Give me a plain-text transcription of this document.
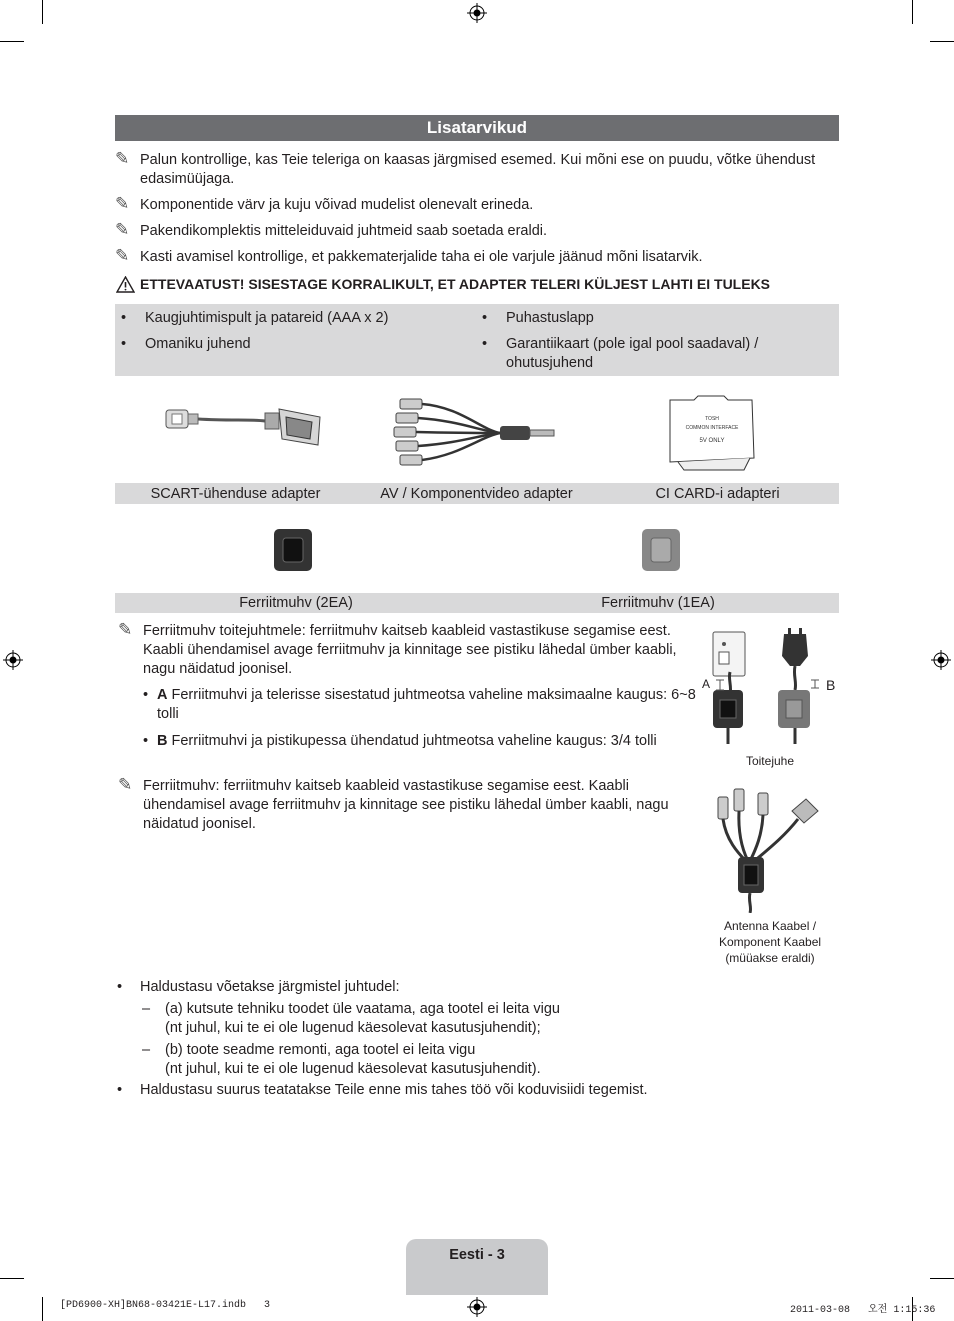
Lisatarvikud
✎ Palun kontrollige, kas Teie teleriga on kaasas järgmised esemed. Kui mõni ese on puudu, võtke ühendust edasimüüjaga.
✎ Komponentide värv ja kuju võivad mudelist olenevalt erineda.
✎ Pakendikomplektis mitteleiduvaid juhtmeid saab soetada eraldi.
✎ Kasti avamisel kontrollige, et pakkematerjalide taha ei ole varjule jäänud mõni lisatarvik.
ETTEVAATUST! SISESTAGE KORRALIKULT, ET ADAPTER TELERI KÜLJEST LAHTI EI TULEKS
• Kaugjuhtimispult ja patareid (AAA x 2)
• Omaniku juhend
• Puhastuslapp
• Garantiikaart (pole igal pool saadaval) / ohutusjuhend
TOSH
COMMON INTERFACE
5V ONLY
SCART-ühenduse adapter	AV / Komponentvideo adapter	CI CARD-i adapteri
Ferriitmuhv (2EA)	Ferriitmuhv (1EA)
✎ Ferriitmuhv toitejuhtmele: ferriitmuhv kaitseb kaableid vastastikuse segamise eest. Kaabli ühendamisel avage ferriitmuhv ja kinnitage see pistiku lähedal ümber kaabli, nagu näidatud joonisel.
• A Ferriitmuhvi ja telerisse sisestatud juhtmeotsa vaheline maksimaalne kaugus: 6~8 tolli
• B Ferriitmuhvi ja pistikupessa ühendatud juhtmeotsa vaheline kaugus: 3/4 tolli
✎ Ferriitmuhv: ferriitmuhv kaitseb kaableid vastastikuse segamise eest. Kaabli ühendamisel avage ferriitmuhv ja kinnitage see pistiku lähedal ümber kaabli, nagu näidatud joonisel.
A	B
Toitejuhe
Antenna Kaabel / Komponent Kaabel (müüakse eraldi)
• Haldustasu võetakse järgmistel juhtudel:
– (a) kutsute tehniku toodet üle vaatama, aga tootel ei leita vigu
(nt juhul, kui te ei ole lugenud käesolevat kasutusjuhendit);
– (b) toote seadme remonti, aga tootel ei leita vigu
(nt juhul, kui te ei ole lugenud käesolevat kasutusjuhendit).
• Haldustasu suurus teatatakse Teile enne mis tahes töö või koduvisiidi tegemist.
Eesti - 3
[PD6900-XH]BN68-03421E-L17.indb   3	2011-03-08   오전 1:15:36
